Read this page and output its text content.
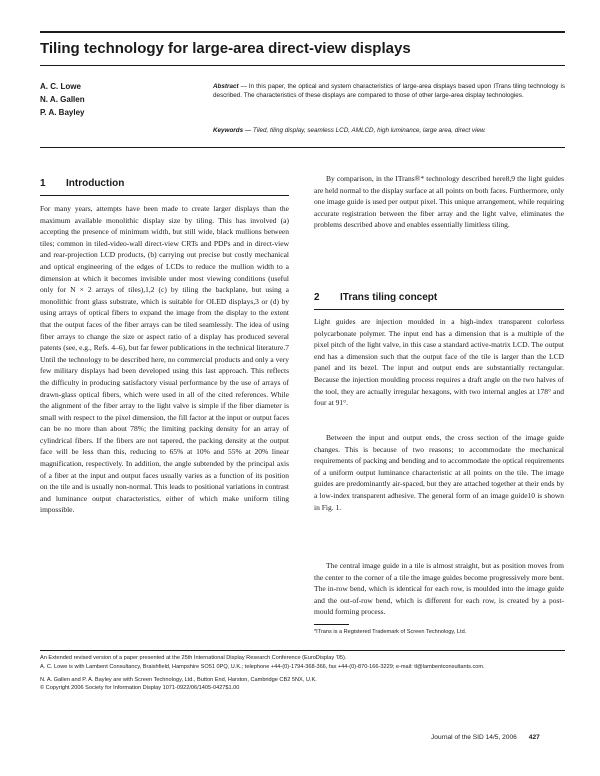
Tiling technology for large-area direct-view displays
A. C. Lowe
N. A. Gallen
P. A. Bayley
Abstract — In this paper, the optical and system characteristics of large-area displays based upon ITrans tiling technology is described. The characteristics of these displays are compared to those of other large-area display technologies.
Keywords — Tiled, tiling display, seamless LCD, AMLCD, high luminance, large area, direct view.
1 Introduction
For many years, attempts have been made to create larger displays than the maximum available monolithic display size by tiling. This has involved (a) accepting the presence of minimum width, but still wide, black mullions between tiles; common in tiled-video-wall direct-view CRTs and PDPs and in direct-view and rear-projection LCD products, (b) carrying out precise but costly mechanical and optical engineering of the edges of LCDs to reduce the mullion width to a dimension at which it becomes invisible under most viewing conditions (useful only for N × 2 arrays of tiles),1,2 (c) by tiling the backplane, but using a monolithic front glass substrate, which is suitable for OLED displays,3 or (d) by using arrays of optical fibers to expand the image from the display to the extent that the output faces of the fiber arrays can be tiled seamlessly. The idea of using fiber arrays to change the size or aspect ratio of a display has produced several patents (see, e.g., Refs. 4–6), but far fewer publications in the technical literature.7 Until the technology to be described here, no commercial products and only a very few military displays had been developed using this last approach. This reflects the difficulty in producing satisfactory visual performance by the use of arrays of drawn-glass optical fibers, which were used in all of the cited references. While the alignment of the fiber array to the light valve is simple if the fiber diameter is small with respect to the pixel dimension, the fill factor at the input or output faces can be no more than about 78%; the limiting packing density for an array of cylindrical fibers. If the fibers are not tapered, the packing density at the output face will be less than this, reducing to 65% at 10% and 55% at 20% linear magnification, respectively. In addition, the angle subtended by the principal axis of a fiber at the input and output faces usually varies as a function of its position on the tile and is usually non-normal. This leads to positional variations in contrast and luminance output characteristics, either of which make uniform tiling impossible.
By comparison, in the ITrans®* technology described here8,9 the light guides are held normal to the display surface at all points on both faces. Furthermore, only one image guide is used per output pixel. This unique arrangement, while requiring accurate registration between the fiber array and the light valve, eliminates the problems described above and enables essentially limitless tiling.
2 ITrans tiling concept
Light guides are injection moulded in a high-index transparent colorless polycarbonate polymer. The input end has a dimension that is a multiple of the pixel pitch of the light valve, in this case a standard active-matrix LCD. The output end has a dimension such that the output face of the tile is larger than the LCD panel and its bezel. The input and output ends are substantially rectangular. Because the injection moulding process requires a draft angle on the two halves of the tool, they are actually irregular hexagons, with two internal angles at 178° and four at 91°.
Between the input and output ends, the cross section of the image guide changes. This is because of two reasons; to accommodate the mechanical requirements of packing and bending and to accommodate the optical requirements of a uniform output luminance characteristic at all points on the tile. The image guides are predominantly air-spaced, but they are attached together at their ends by a low-index transparent adhesive. The general form of an image guide10 is shown in Fig. 1.
The central image guide in a tile is almost straight, but as position moves from the center to the corner of a tile the image guides become progressively more bent. The in-row bend, which is identical for each row, is moulded into the image guide and the out-of-row bend, which is different for each row, is created by a post-mould forming process.
*ITrans is a Registered Trademark of Screen Technology, Ltd.
An Extended revised version of a paper presented at the 25th International Display Research Conference (EuroDisplay '05).
A. C. Lowe is with Lambent Consultancy, Braishfield, Hampshire SO51 0PQ, U.K.; telephone +44-(0)-1794-368-366, fax +44-(0)-870-166-3229; e-mail: tl@lambentconsultants.com.
N. A. Gallen and P. A. Bayley are with Screen Technology, Ltd., Button End, Harston, Cambridge CB2 5NX, U.K.
© Copyright 2006 Society for Information Display 1071-0922/06/1405-0427$1.00
Journal of the SID 14/5, 2006 427
